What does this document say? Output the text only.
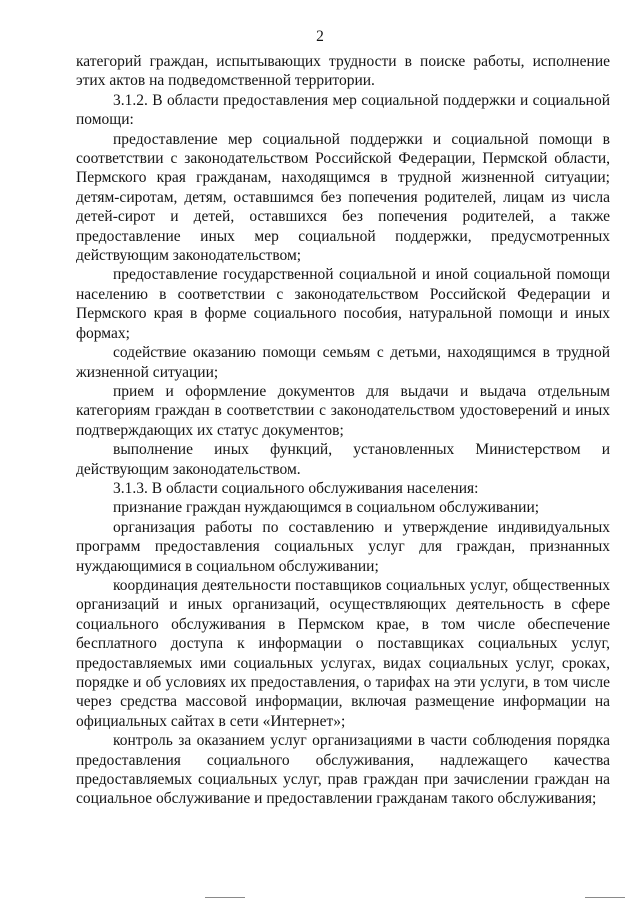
2

категорий граждан, испытывающих трудности в поиске работы, исполнение этих актов на подведомственной территории.

3.1.2. В области предоставления мер социальной поддержки и социальной помощи:

предоставление мер социальной поддержки и социальной помощи в соответствии с законодательством Российской Федерации, Пермской области, Пермского края гражданам, находящимся в трудной жизненной ситуации; детям-сиротам, детям, оставшимся без попечения родителей, лицам из числа детей-сирот и детей, оставшихся без попечения родителей, а также предоставление иных мер социальной поддержки, предусмотренных действующим законодательством;

предоставление государственной социальной и иной социальной помощи населению в соответствии с законодательством Российской Федерации и Пермского края в форме социального пособия, натуральной помощи и иных формах;

содействие оказанию помощи семьям с детьми, находящимся в трудной жизненной ситуации;

прием и оформление документов для выдачи и выдача отдельным категориям граждан в соответствии с законодательством удостоверений и иных подтверждающих их статус документов;

выполнение иных функций, установленных Министерством и действующим законодательством.

3.1.3. В области социального обслуживания населения:

признание граждан нуждающимся в социальном обслуживании;

организация работы по составлению и утверждение индивидуальных программ предоставления социальных услуг для граждан, признанных нуждающимися в социальном обслуживании;

координация деятельности поставщиков социальных услуг, общественных организаций и иных организаций, осуществляющих деятельность в сфере социального обслуживания в Пермском крае, в том числе обеспечение бесплатного доступа к информации о поставщиках социальных услуг, предоставляемых ими социальных услугах, видах социальных услуг, сроках, порядке и об условиях их предоставления, о тарифах на эти услуги, в том числе через средства массовой информации, включая размещение информации на официальных сайтах в сети «Интернет»;

контроль за оказанием услуг организациями в части соблюдения порядка предоставления социального обслуживания, надлежащего качества предоставляемых социальных услуг, прав граждан при зачислении граждан на социальное обслуживание и предоставлении гражданам такого обслуживания;
